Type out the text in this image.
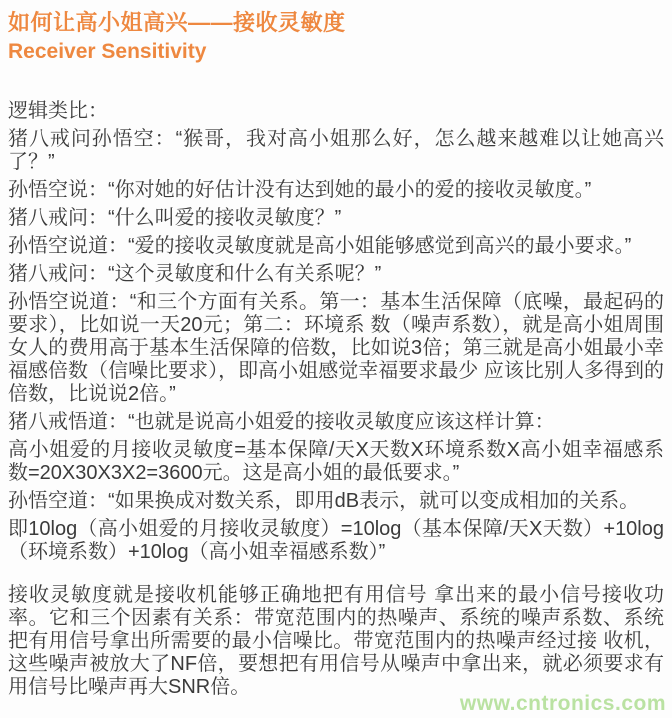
如何让高小姐高兴——接收灵敏度
Receiver Sensitivity

逻辑类比：

猪八戒问孙悟空：“猴哥，我对高小姐那么好，怎么越来越难以让她高兴了？”

孙悟空说：“你对她的好估计没有达到她的最小的爱的接收灵敏度。”

猪八戒问：“什么叫爱的接收灵敏度？”

孙悟空说道：“爱的接收灵敏度就是高小姐能够感觉到高兴的最小要求。”

猪八戒问：“这个灵敏度和什么有关系呢？”

孙悟空说道：“和三个方面有关系。第一：基本生活保障（底噪，最起码的要求），比如说一天20元；第二：环境系 数（噪声系数），就是高小姐周围女人的费用高于基本生活保障的倍数，比如说3倍；第三就是高小姐最小幸福感倍数（信噪比要求），即高小姐感觉幸福要求最少 应该比别人多得到的倍数，比说说2倍。”

猪八戒悟道：“也就是说高小姐爱的接收灵敏度应该这样计算：

高小姐爱的月接收灵敏度=基本保障/天X天数X环境系数X高小姐幸福感系数=20X30X3X2=3600元。这是高小姐的最低要求。”

孙悟空道：“如果换成对数关系，即用dB表示，就可以变成相加的关系。

即10log（高小姐爱的月接收灵敏度）=10log（基本保障/天X天数）+10log（环境系数）+10log（高小姐幸福感系数）”

接收灵敏度就是接收机能够正确地把有用信号 拿出来的最小信号接收功率。它和三个因素有关系：带宽范围内的热噪声、系统的噪声系数、系统把有用信号拿出所需要的最小信噪比。带宽范围内的热噪声经过接 收机，这些噪声被放大了NF倍，要想把有用信号从噪声中拿出来，就必须要求有用信号比噪声再大SNR倍。

www.cntronics.com
